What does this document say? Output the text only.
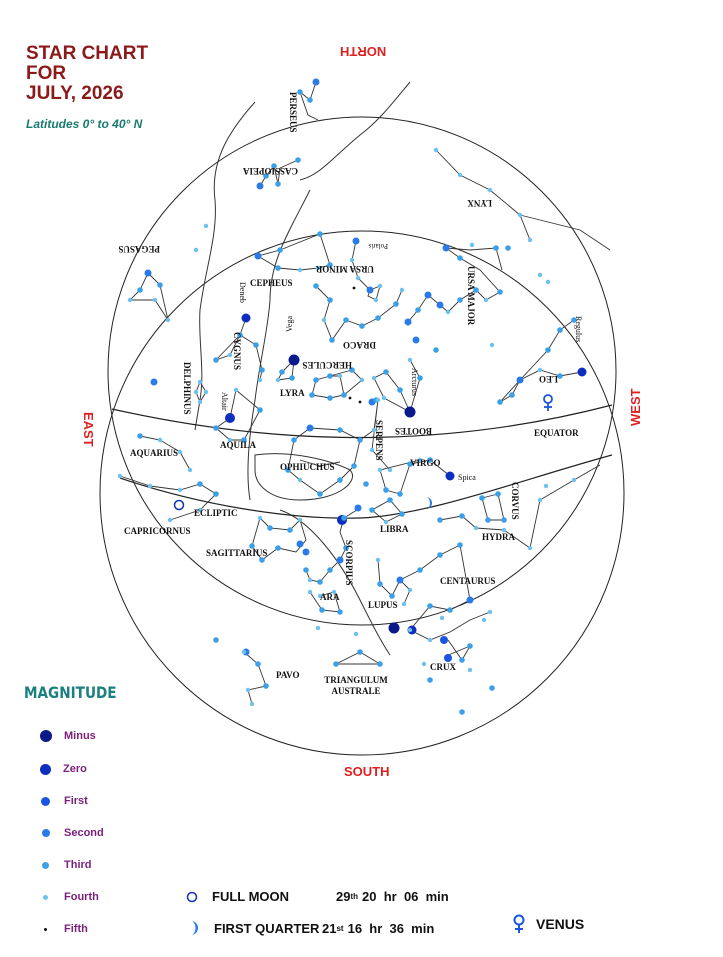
STAR CHART
FOR
JULY, 2026
Latitudes 0° to 40° N
NORTH
SOUTH
EAST
WEST
PERSEUS
CASSIOPEIA
LYNX
PEGASUS
CEPHEUS
URSA MINOR
Polaris
URSA MAJOR
Deneb
DRACO
CYGNUS
Vega
LYRA
HERCULES
LEO
Regulus
DELPHINUS	Altair
Arcturus
BOOTES
AQUILA	SERPENS
AQUARIUS
OPHIUCHUS	VIRGO
Spica
CORVUS
ECLIPTIC
CAPRICORNUS	LIBRA
HYDRA
SAGITTARIUS	SCORPIUS	CENTAURUS
ARA
LUPUS
PAVO
CRUX
EQUATOR
TRIANGULUM
AUSTRALE
MAGNITUDE
Minus
Zero
First
Second
Third
Fourth
Fifth
FULL MOON	29 th 20  hr  06  min
FIRST QUARTER 21 st 16  hr  36  min	VENUS
